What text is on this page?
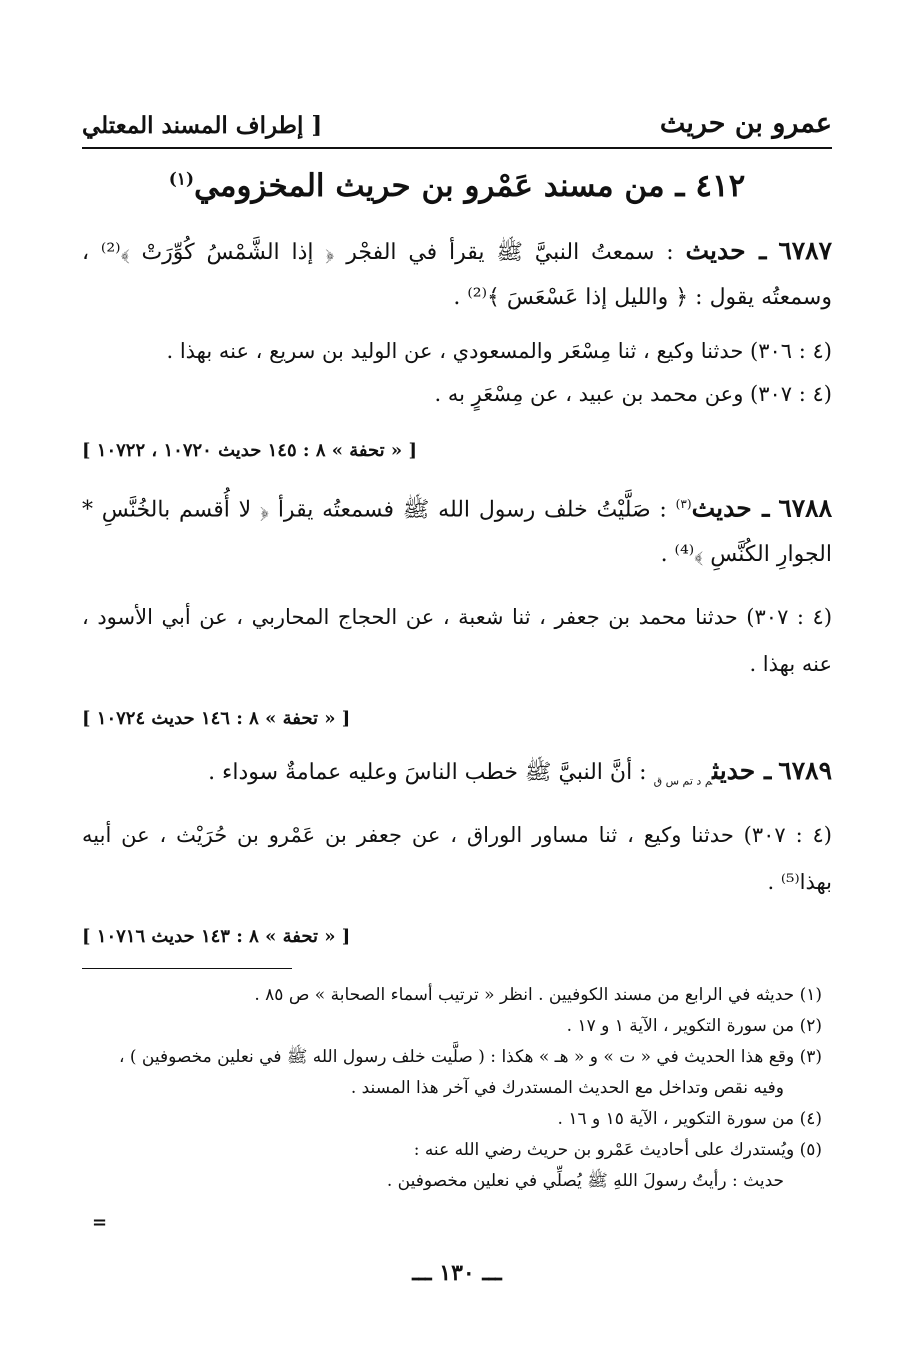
عمرو بن حريث
[ إطراف المسند المعتلي
٤١٢ ـ من مسند عَمْرو بن حريث المخزومي$^{(١)}$

٦٧٨٧ ـ حديث : سمعتُ النبيَّ ﷺ يقرأ في الفجْر ﴿ إذا الشَّمْسُ كُوِّرَتْ ﴾⁽²⁾ ، وسمعتُه يقول : ﴿ والليل إذا عَسْعَسَ ﴾⁽²⁾ .

(٤ : ٣٠٦) حدثنا وكيع ، ثنا مِسْعَر والمسعودي ، عن الوليد بن سريع ، عنه بهذا .

(٤ : ٣٠٧) وعن محمد بن عبيد ، عن مِسْعَرٍ به .

[ « تحفة » ٨ : ١٤٥ حديث ١٠٧٢٠ ، ١٠٧٢٢ ]

٦٧٨٨ ـ حديث$^{(٣)}$ : صَلَّيْتُ خلف رسول الله ﷺ فسمعتُه يقرأ ﴿ لا أُقسم بالخُنَّسِ * الجوارِ الكُنَّسِ ﴾⁽⁴⁾ .

(٤ : ٣٠٧) حدثنا محمد بن جعفر ، ثنا شعبة ، عن الحجاج المحاربي ، عن أبي الأسود ، عنه بهذا .

[ « تحفة » ٨ : ١٤٦ حديث ١٠٧٢٤ ]

٦٧٨٩ ـ حديث$_{م د تم س ق}$ : أنَّ النبيَّ ﷺ خطب الناسَ وعليه عمامةٌ سوداء .

(٤ : ٣٠٧) حدثنا وكيع ، ثنا مساور الوراق ، عن جعفر بن عَمْرو بن حُرَيْث ، عن أبيه بهذا⁽⁵⁾ .

[ « تحفة » ٨ : ١٤٣ حديث ١٠٧١٦ ]

(١) حديثه في الرابع من مسند الكوفيين . انظر « ترتيب أسماء الصحابة » ص ٨٥ .

(٢) من سورة التكوير ، الآية ١ و ١٧ .

(٣) وقع هذا الحديث في « ت » و « هـ » هكذا : ( صلَّيت خلف رسول الله ﷺ في نعلين مخصوفين ) ،
وفيه نقص وتداخل مع الحديث المستدرك في آخر هذا المسند .

(٤) من سورة التكوير ، الآية ١٥ و ١٦ .

(٥) ويُستدرك على أحاديث عَمْرو بن حريث رضي الله عنه :
حديث : رأيتُ رسولَ اللهِ ﷺ يُصلِّي في نعلين مخصوفين .

=
ـــ ١٣٠ ـــ
